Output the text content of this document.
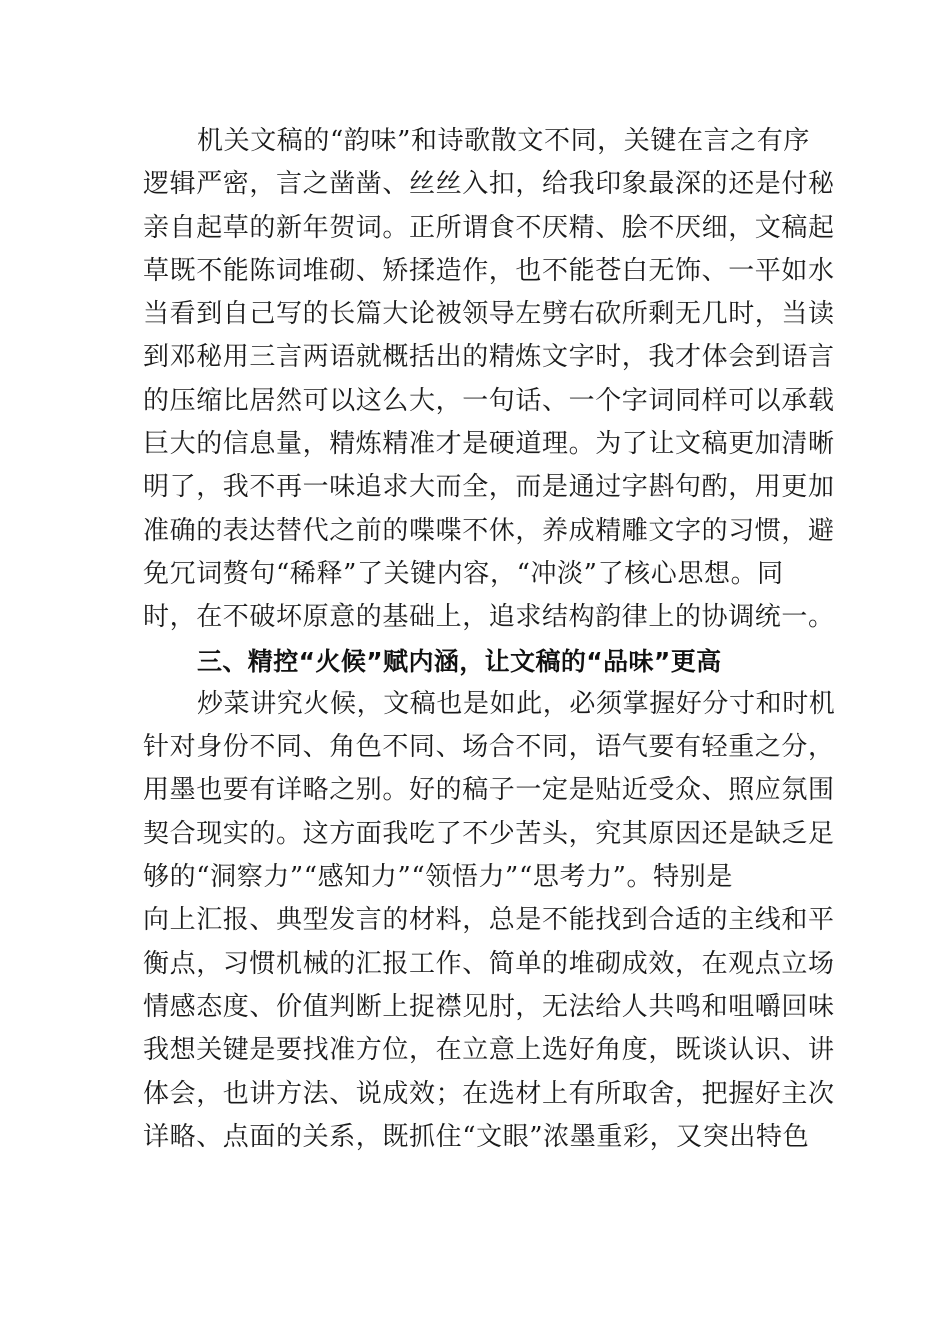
机关文稿的“韵味”和诗歌散文不同，关键在言之有序
逻辑严密，言之凿凿、丝丝入扣，给我印象最深的还是付秘
亲自起草的新年贺词。正所谓食不厌精、脍不厌细，文稿起
草既不能陈词堆砌、矫揉造作，也不能苍白无饰、一平如水
当看到自己写的长篇大论被领导左劈右砍所剩无几时，当读
到邓秘用三言两语就概括出的精炼文字时，我才体会到语言
的压缩比居然可以这么大，一句话、一个字词同样可以承载
巨大的信息量，精炼精准才是硬道理。为了让文稿更加清晰
明了，我不再一味追求大而全，而是通过字斟句酌，用更加
准确的表达替代之前的喋喋不休，养成精雕文字的习惯，避
免冗词赘句“稀释”了关键内容，“冲淡”了核心思想。同
时，在不破坏原意的基础上，追求结构韵律上的协调统一。
三、精控“火候”赋内涵，让文稿的“品味”更高
炒菜讲究火候，文稿也是如此，必须掌握好分寸和时机
针对身份不同、角色不同、场合不同，语气要有轻重之分，
用墨也要有详略之别。好的稿子一定是贴近受众、照应氛围
契合现实的。这方面我吃了不少苦头，究其原因还是缺乏足
够的“洞察力”“感知力”“领悟力”“思考力”。特别是
向上汇报、典型发言的材料，总是不能找到合适的主线和平
衡点，习惯机械的汇报工作、简单的堆砌成效，在观点立场
情感态度、价值判断上捉襟见肘，无法给人共鸣和咀嚼回味
我想关键是要找准方位，在立意上选好角度，既谈认识、讲
体会，也讲方法、说成效；在选材上有所取舍，把握好主次
详略、点面的关系，既抓住“文眼”浓墨重彩，又突出特色
